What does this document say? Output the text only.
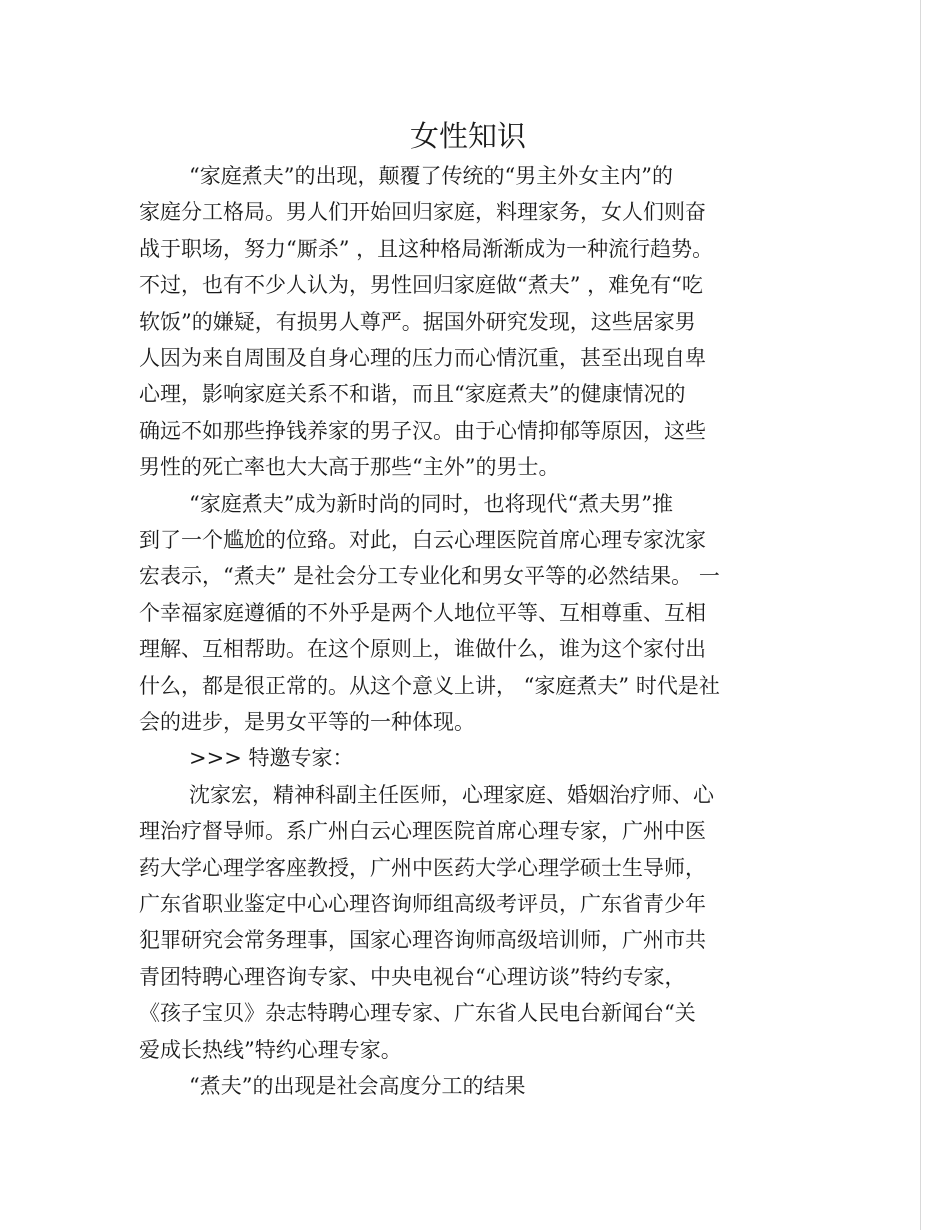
女性知识
“家庭煮夫”的出现，颠覆了传统的“男主外女主内”的
家庭分工格局。男人们开始回归家庭，料理家务，女人们则奋
战于职场，努力“厮杀” ，且这种格局渐渐成为一种流行趋势。
不过，也有不少人认为，男性回归家庭做“煮夫” ，难免有“吃
软饭”的嫌疑，有损男人尊严。据国外研究发现，这些居家男
人因为来自周围及自身心理的压力而心情沉重，甚至出现自卑
心理，影响家庭关系不和谐，而且“家庭煮夫”的健康情况的
确远不如那些挣钱养家的男子汉。由于心情抑郁等原因，这些
男性的死亡率也大大高于那些“主外”的男士。
“家庭煮夫”成为新时尚的同时，也将现代“煮夫男”推
到了一个尴尬的位臵。对此，白云心理医院首席心理专家沈家
宏表示，“煮夫” 是社会分工专业化和男女平等的必然结果。 一
个幸福家庭遵循的不外乎是两个人地位平等、互相尊重、互相
理解、互相帮助。在这个原则上，谁做什么，谁为这个家付出
什么，都是很正常的。从这个意义上讲， “家庭煮夫” 时代是社
会的进步，是男女平等的一种体现。
>>> 特邀专家：
沈家宏，精神科副主任医师，心理家庭、婚姻治疗师、心
理治疗督导师。系广州白云心理医院首席心理专家，广州中医
药大学心理学客座教授，广州中医药大学心理学硕士生导师，
广东省职业鉴定中心心理咨询师组高级考评员，广东省青少年
犯罪研究会常务理事，国家心理咨询师高级培训师，广州市共
青团特聘心理咨询专家、中央电视台“心理访谈”特约专家，
《孩子宝贝》杂志特聘心理专家、广东省人民电台新闻台“关
爱成长热线”特约心理专家。
“煮夫”的出现是社会高度分工的结果
